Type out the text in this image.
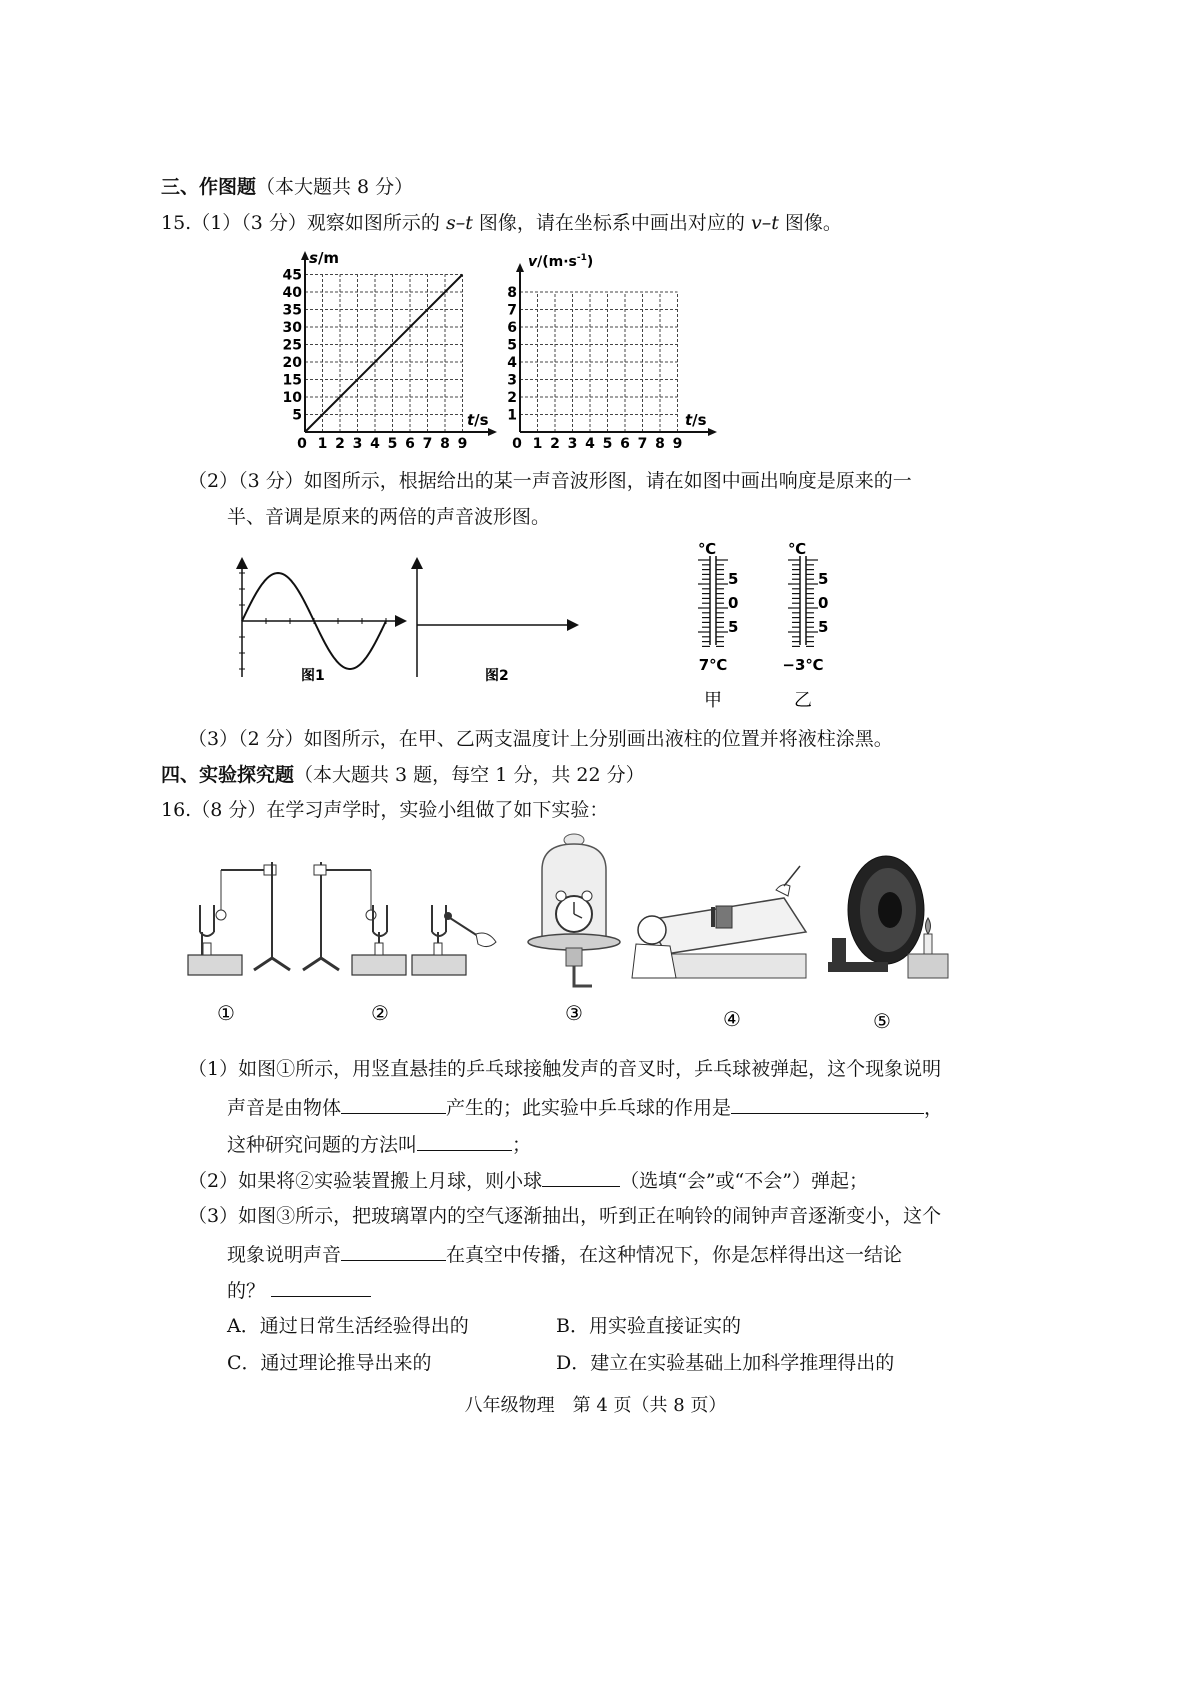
三、作图题（本大题共 8 分）
15.（1）（3 分）观察如图所示的 s–t 图像，请在坐标系中画出对应的 v–t 图像。
5
10
15
20
25
30
35
40
45
0 1 2 3 4 5 6 7 8 9
s/m
t/s 1
2
3
4
5
6
7
8
0 1 2 3 4 5 6 7 8 9
$v/(m\cdot s^{-1})$
t/s
（2）（3 分）如图所示，根据给出的某一声音波形图，请在如图中画出响度是原来的一
半、音调是原来的两倍的声音波形图。
图1	图2
℃
5
0
5
7℃
甲
℃
5
0
5
−3℃
乙
（3）（2 分）如图所示，在甲、乙两支温度计上分别画出液柱的位置并将液柱涂黑。
四、实验探究题（本大题共 3 题，每空 1 分，共 22 分）
16.（8 分）在学习声学时，实验小组做了如下实验：
①	②	③	④	⑤
（1）如图①所示，用竖直悬挂的乒乓球接触发声的音叉时，乒乓球被弹起，这个现象说明
声音是由物体	产生的；此实验中乒乓球的作用是	，
这种研究问题的方法叫	；
（2）如果将②实验装置搬上月球，则小球	（选填“会”或“不会”）弹起；
（3）如图③所示，把玻璃罩内的空气逐渐抽出，听到正在响铃的闹钟声音逐渐变小，这个
现象说明声音	在真空中传播，在这种情况下，你是怎样得出这一结论
的？
A．通过日常生活经验得出的	B．用实验直接证实的
C．通过理论推导出来的	D．建立在实验基础上加科学推理得出的
八年级物理　第 4 页（共 8 页）
